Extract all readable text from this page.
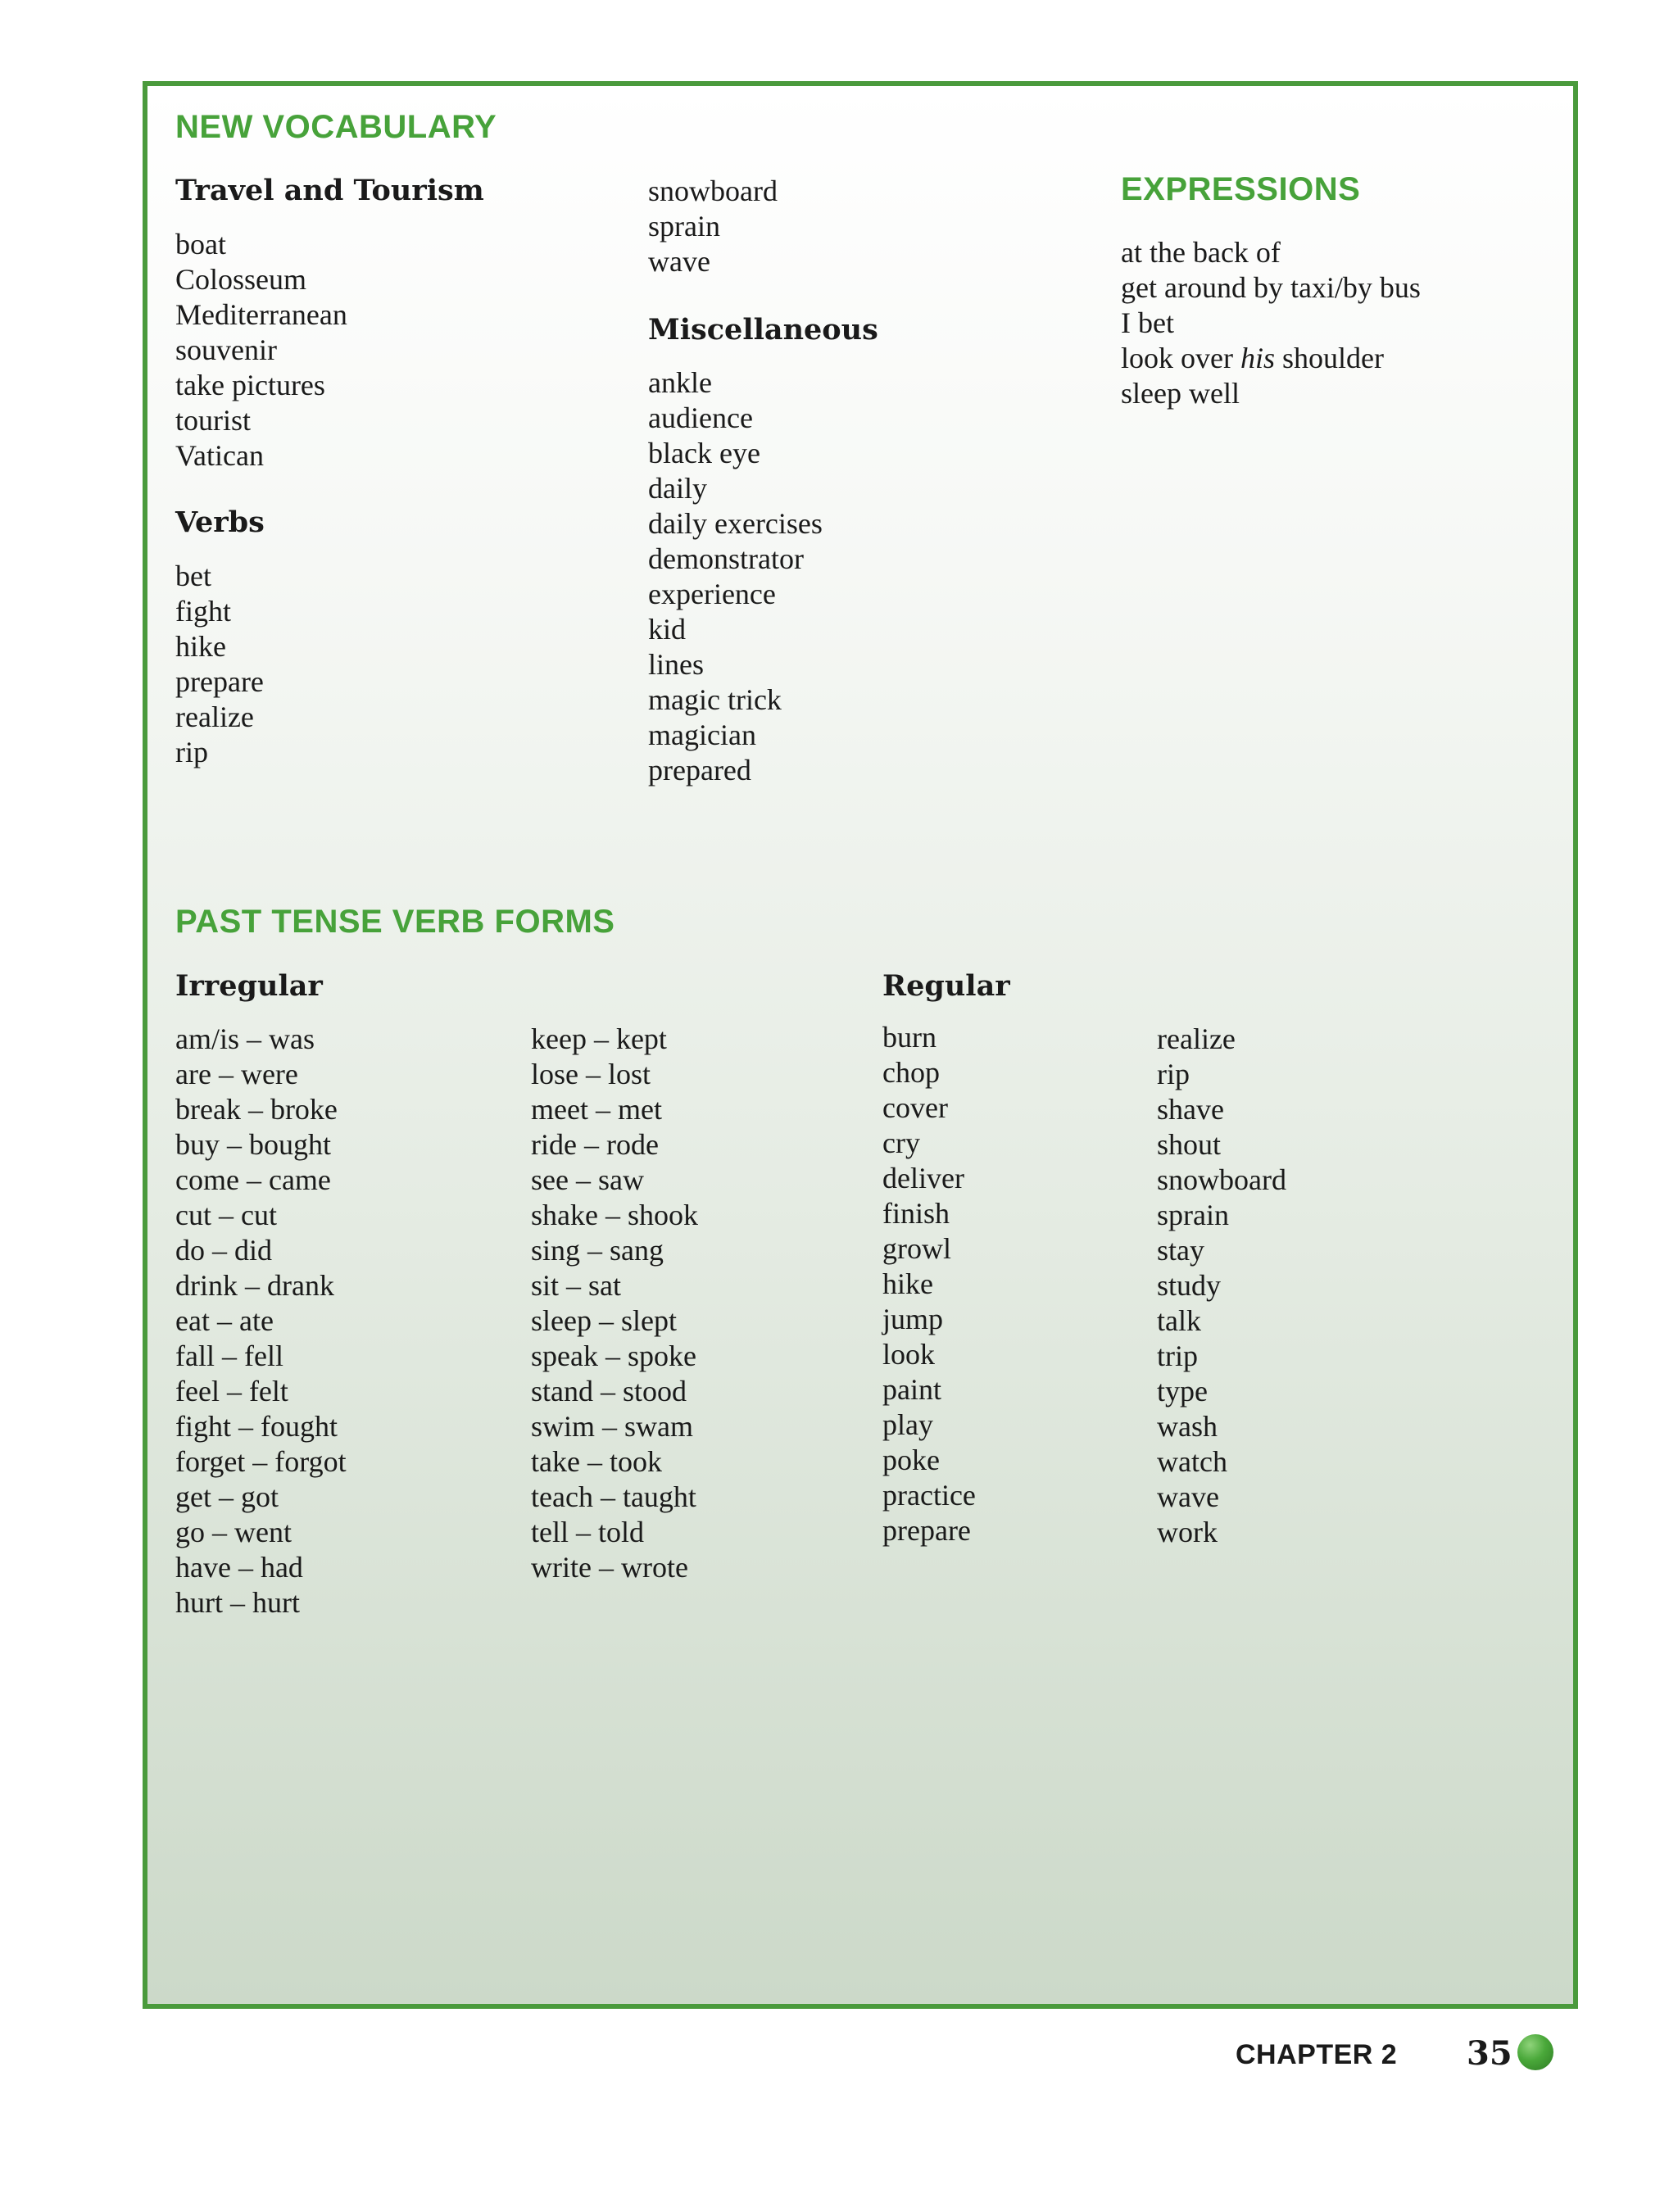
NEW VOCABULARY
Travel and Tourism
boat
Colosseum
Mediterranean
souvenir
take pictures
tourist
Vatican
Verbs
bet
fight
hike
prepare
realize
rip
snowboard
sprain
wave
Miscellaneous
ankle
audience
black eye
daily
daily exercises
demonstrator
experience
kid
lines
magic trick
magician
prepared
EXPRESSIONS
at the back of
get around by taxi/by bus
I bet
look over his shoulder
sleep well
PAST TENSE VERB FORMS
Irregular
am/is – was
are – were
break – broke
buy – bought
come – came
cut – cut
do – did
drink – drank
eat – ate
fall – fell
feel – felt
fight – fought
forget – forgot
get – got
go – went
have – had
hurt – hurt
keep – kept
lose – lost
meet – met
ride – rode
see – saw
shake – shook
sing – sang
sit – sat
sleep – slept
speak – spoke
stand – stood
swim – swam
take – took
teach – taught
tell – told
write – wrote
Regular
burn
chop
cover
cry
deliver
finish
growl
hike
jump
look
paint
play
poke
practice
prepare
realize
rip
shave
shout
snowboard
sprain
stay
study
talk
trip
type
wash
watch
wave
work
CHAPTER 2 35
